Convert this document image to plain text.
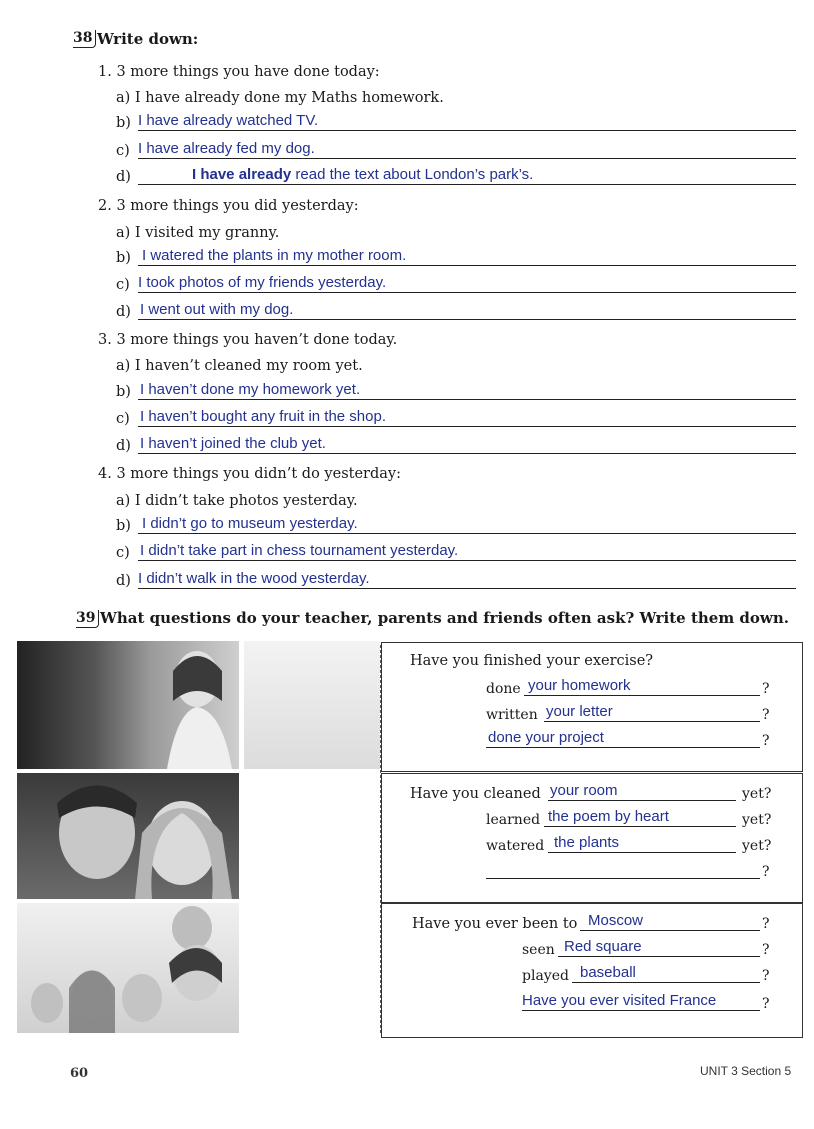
38 Write down:
1. 3 more things you have done today:
a) I have already done my Maths homework.
b) I have already watched TV.
c) I have already fed my dog.
d)	I have already read the text about London’s park’s.
2. 3 more things you did yesterday:
a) I visited my granny.
b) I watered the plants in my mother room.
c) I took photos of my friends yesterday.
d) I went out with my dog.
3. 3 more things you haven’t done today.
a) I haven’t cleaned my room yet.
b) I haven’t done my homework yet.
c) I haven’t bought any fruit in the shop.
d) I haven’t joined the club yet.
4. 3 more things you didn’t do yesterday:
a) I didn’t take photos yesterday.
b) I didn’t go to museum yesterday.
c) I didn’t take part in chess tournament yesterday.
d) I didn’t walk in the wood yesterday.
39 What questions do your teacher, parents and friends often ask? Write them down.
Have you finished your exercise?
done your homework	?
written your letter	?
done your project	?
Have you cleaned your room	yet?
learned the poem by heart	yet?
watered the plants	yet?
?
Have you ever been to Moscow	?
seen Red square	?
played baseball	?
Have you ever visited France	?
60	UNIT 3 Section 5
